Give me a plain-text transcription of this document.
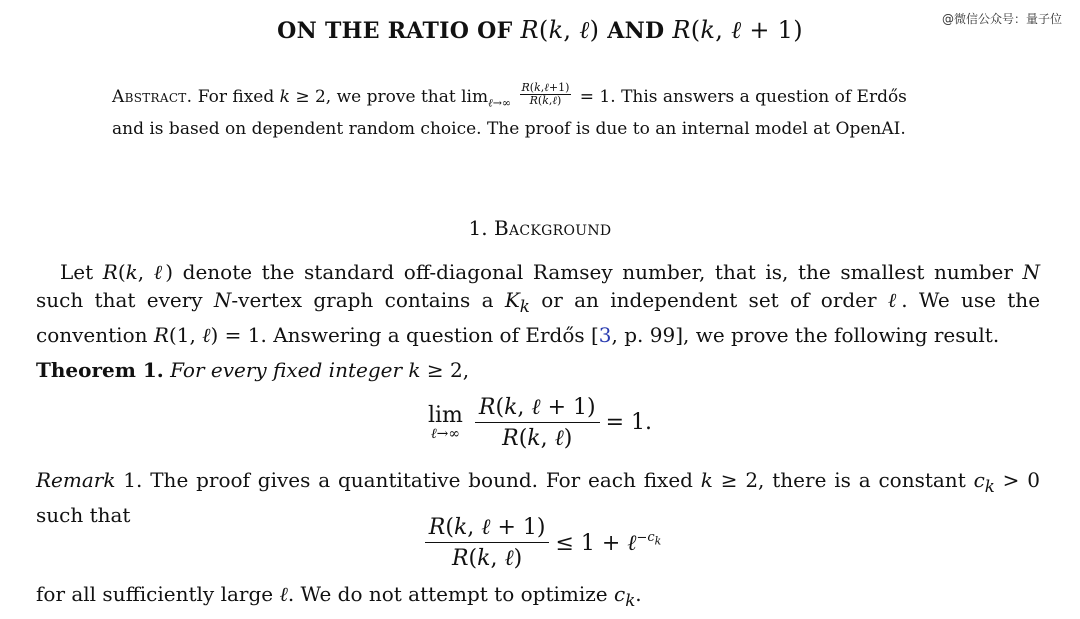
@微信公众号：量子位
ON THE RATIO OF R(k, ℓ) AND R(k, ℓ + 1)
Abstract. For fixed k ≥ 2, we prove that $\lim_{\ell\to\infty} \frac{\text{R(k,ℓ+1)}}{\text{R(k,ℓ)}} = 1$. This answers a question of Erdős
and is based on dependent random choice. The proof is due to an internal model at OpenAI.
1. Background
Let R(k, ℓ) denote the standard off-diagonal Ramsey number, that is, the smallest number N such that every N-vertex graph contains a $K_k$ or an independent set of order ℓ. We use the convention R(1, ℓ) = 1. Answering a question of Erdős [3, p. 99], we prove the following result.
Theorem 1. For every fixed integer k ≥ 2,
lim
ℓ→∞ $\frac{\text{R(k, ℓ + 1)}}{\text{R(k, ℓ)}} = 1$.
Remark 1. The proof gives a quantitative bound. For each fixed k ≥ 2, there is a constant $c_k > 0$ such that	$\frac{\text{R(k, ℓ + 1)}}{\text{R(k, ℓ)}} \le 1$ + ℓ$^{-c_k}$
for all sufficiently large ℓ. We do not attempt to optimize $c_k$.
